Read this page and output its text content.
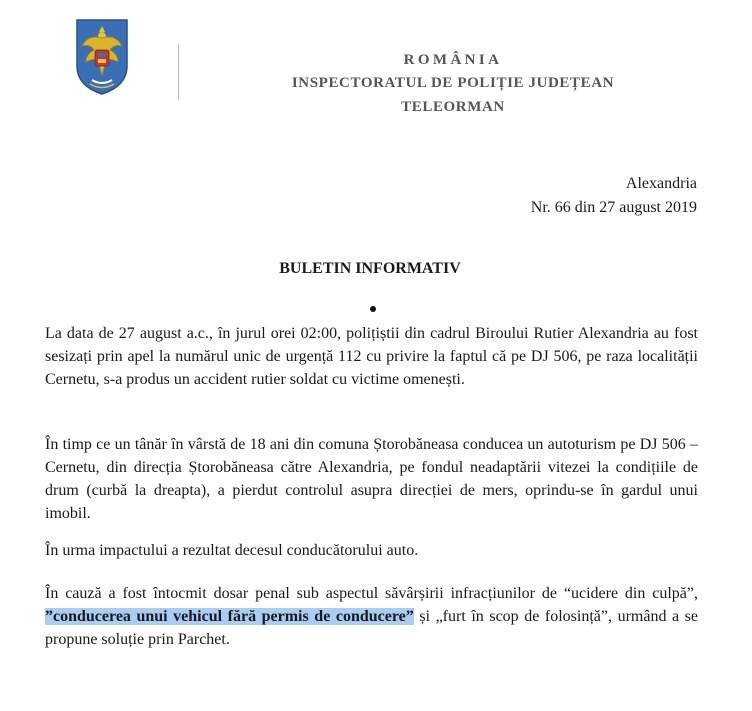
ROMÂNIA
INSPECTORATUL DE POLIȚIE JUDEȚEAN
TELEORMAN
Alexandria
Nr. 66 din 27 august 2019
BULETIN INFORMATIV

La data de 27 august a.c., în jurul orei 02:00, polițiștii din cadrul Biroului Rutier Alexandria au fost sesizați prin apel la numărul unic de urgență 112 cu privire la faptul că pe DJ 506, pe raza localității Cernetu, s-a produs un accident rutier soldat cu victime omenești.

În timp ce un tânăr în vârstă de 18 ani din comuna Ștorobăneasa conducea un autoturism pe DJ 506 – Cernetu, din direcția Ștorobăneasa către Alexandria, pe fondul neadaptării vitezei la condițiile de drum (curbă la dreapta), a pierdut controlul asupra direcției de mers, oprindu-se în gardul unui imobil.

În urma impactului a rezultat decesul conducătorului auto.

În cauză a fost întocmit dosar penal sub aspectul săvârșirii infracțiunilor de “ucidere din culpă”, ”conducerea unui vehicul fără permis de conducere” și „furt în scop de folosință”, urmând a se propune soluție prin Parchet.
